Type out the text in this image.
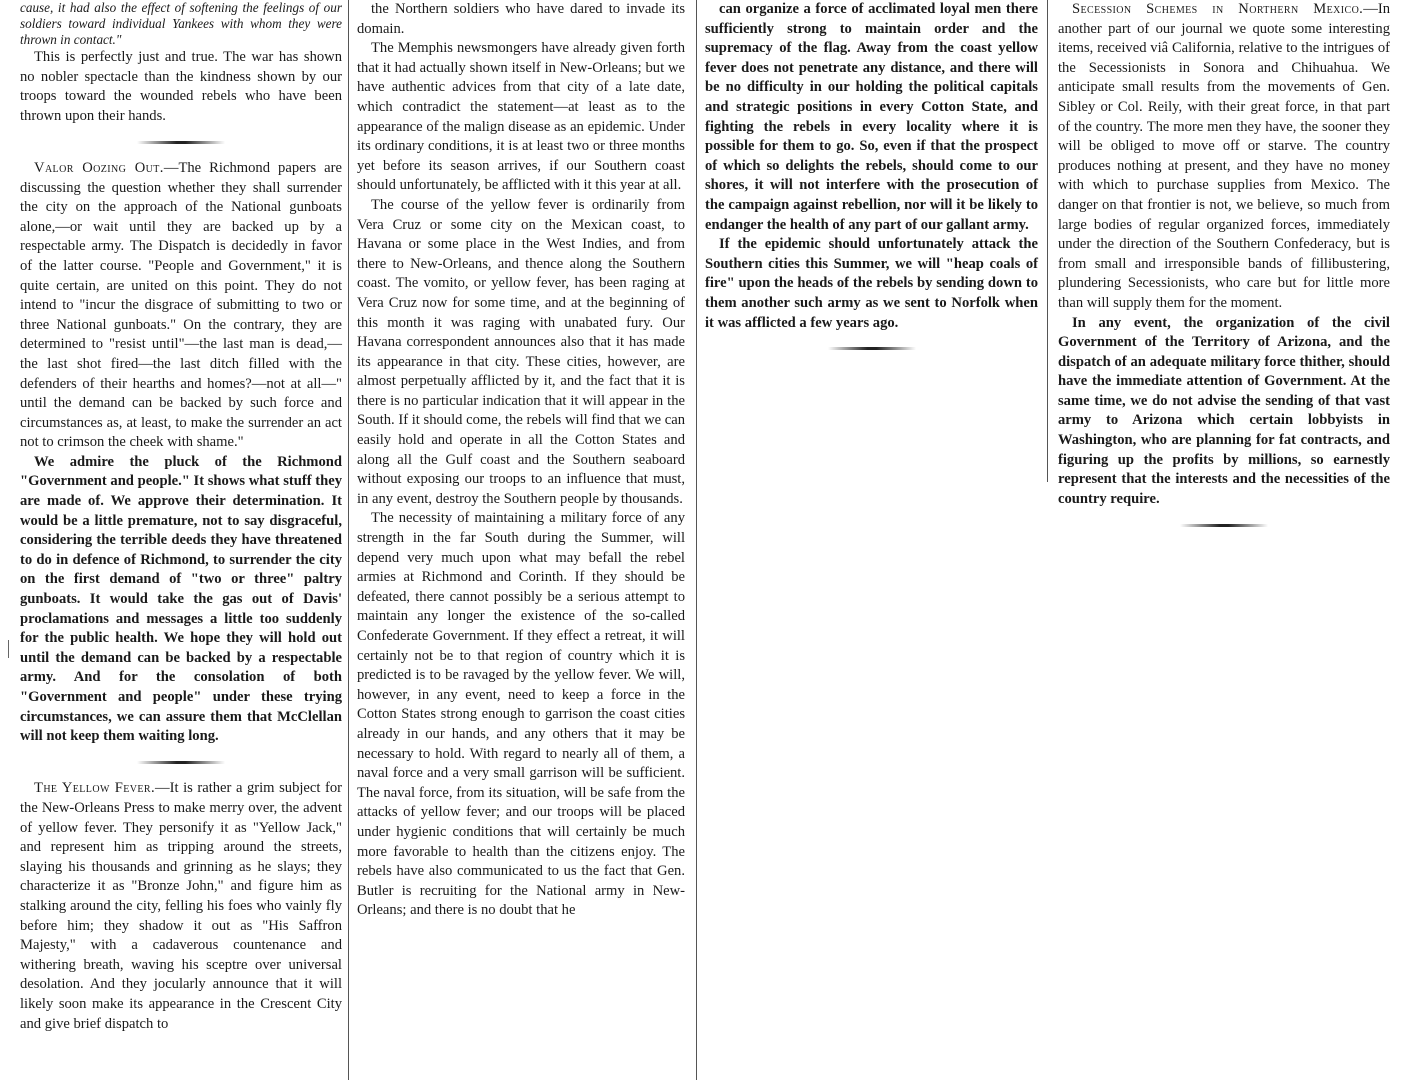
cause, it had also the effect of softening the feelings of our soldiers toward individual Yankees with whom they were thrown in contact."

This is perfectly just and true. The war has shown no nobler spectacle than the kindness shown by our troops toward the wounded rebels who have been thrown upon their hands.

Valor Oozing Out.—The Richmond papers are discussing the question whether they shall surrender the city on the approach of the National gunboats alone,—or wait until they are backed up by a respectable army. The Dispatch is decidedly in favor of the latter course. "People and Government," it is quite certain, are united on this point. They do not intend to "incur the disgrace of submitting to two or three National gunboats." On the contrary, they are determined to "resist until"—the last man is dead,—the last shot fired—the last ditch filled with the defenders of their hearths and homes?—not at all—" until the demand can be backed by such force and circumstances as, at least, to make the surrender an act not to crimson the cheek with shame."

We admire the pluck of the Richmond "Government and people." It shows what stuff they are made of. We approve their determination. It would be a little premature, not to say disgraceful, considering the terrible deeds they have threatened to do in defence of Richmond, to surrender the city on the first demand of "two or three" paltry gunboats. It would take the gas out of Davis' proclamations and messages a little too suddenly for the public health. We hope they will hold out until the demand can be backed by a respectable army. And for the consolation of both "Government and people" under these trying circumstances, we can assure them that McClellan will not keep them waiting long.

The Yellow Fever.—It is rather a grim subject for the New-Orleans Press to make merry over, the advent of yellow fever. They personify it as "Yellow Jack," and represent him as tripping around the streets, slaying his thousands and grinning as he slays; they characterize it as "Bronze John," and figure him as stalking around the city, felling his foes who vainly fly before him; they shadow it out as "His Saffron Majesty," with a cadaverous countenance and withering breath, waving his sceptre over universal desolation. And they jocularly announce that it will likely soon make its appearance in the Crescent City and give brief dispatch to

the Northern soldiers who have dared to invade its domain.

The Memphis newsmongers have already given forth that it had actually shown itself in New-Orleans; but we have authentic advices from that city of a late date, which contradict the statement—at least as to the appearance of the malign disease as an epidemic. Under its ordinary conditions, it is at least two or three months yet before its season arrives, if our Southern coast should unfortunately, be afflicted with it this year at all.

The course of the yellow fever is ordinarily from Vera Cruz or some city on the Mexican coast, to Havana or some place in the West Indies, and from there to New-Orleans, and thence along the Southern coast. The vomito, or yellow fever, has been raging at Vera Cruz now for some time, and at the beginning of this month it was raging with unabated fury. Our Havana correspondent announces also that it has made its appearance in that city. These cities, however, are almost perpetually afflicted by it, and the fact that it is there is no particular indication that it will appear in the South. If it should come, the rebels will find that we can easily hold and operate in all the Cotton States and along all the Gulf coast and the Southern seaboard without exposing our troops to an influence that must, in any event, destroy the Southern people by thousands.

The necessity of maintaining a military force of any strength in the far South during the Summer, will depend very much upon what may befall the rebel armies at Richmond and Corinth. If they should be defeated, there cannot possibly be a serious attempt to maintain any longer the existence of the so-called Confederate Government. If they effect a retreat, it will certainly not be to that region of country which it is predicted is to be ravaged by the yellow fever. We will, however, in any event, need to keep a force in the Cotton States strong enough to garrison the coast cities already in our hands, and any others that it may be necessary to hold. With regard to nearly all of them, a naval force and a very small garrison will be sufficient. The naval force, from its situation, will be safe from the attacks of yellow fever; and our troops will be placed under hygienic conditions that will certainly be much more favorable to health than the citizens enjoy. The rebels have also communicated to us the fact that Gen. Butler is recruiting for the National army in New-Orleans; and there is no doubt that he

can organize a force of acclimated loyal men there sufficiently strong to maintain order and the supremacy of the flag. Away from the coast yellow fever does not penetrate any distance, and there will be no difficulty in our holding the political capitals and strategic positions in every Cotton State, and fighting the rebels in every locality where it is possible for them to go. So, even if that the prospect of which so delights the rebels, should come to our shores, it will not interfere with the prosecution of the campaign against rebellion, nor will it be likely to endanger the health of any part of our gallant army.

If the epidemic should unfortunately attack the Southern cities this Summer, we will "heap coals of fire" upon the heads of the rebels by sending down to them another such army as we sent to Norfolk when it was afflicted a few years ago.

Secession Schemes in Northern Mexico.—In another part of our journal we quote some interesting items, received viâ California, relative to the intrigues of the Secessionists in Sonora and Chihuahua. We anticipate small results from the movements of Gen. Sibley or Col. Reily, with their great force, in that part of the country. The more men they have, the sooner they will be obliged to move off or starve. The country produces nothing at present, and they have no money with which to purchase supplies from Mexico. The danger on that frontier is not, we believe, so much from large bodies of regular organized forces, immediately under the direction of the Southern Confederacy, but is from small and irresponsible bands of fillibustering, plundering Secessionists, who care but for little more than will supply them for the moment.

In any event, the organization of the civil Government of the Territory of Arizona, and the dispatch of an adequate military force thither, should have the immediate attention of Government. At the same time, we do not advise the sending of that vast army to Arizona which certain lobbyists in Washington, who are planning for fat contracts, and figuring up the profits by millions, so earnestly represent that the interests and the necessities of the country require.
